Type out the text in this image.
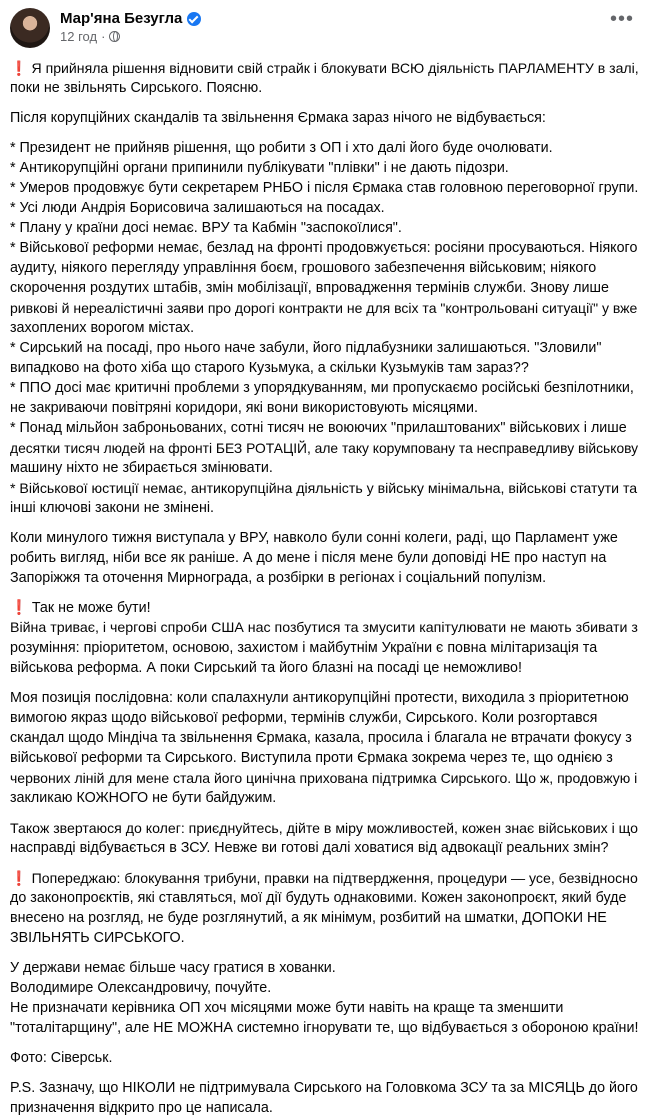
Мар'яна Безугла
12 год ·
•••

❗ Я прийняла рішення відновити свій страйк і блокувати ВСЮ діяльність ПАРЛАМЕНТУ в залі,
поки не звільнять Сирського. Поясню.

Після корупційних скандалів та звільнення Єрмака зараз нічого не відбувається:

* Президент не прийняв рішення, що робити з ОП і хто далі його буде очолювати.
* Антикорупційні органи припинили публікувати "плівки" і не дають підозри.
* Умеров продовжує бути секретарем РНБО і після Єрмака став головною переговорної групи.
* Усі люди Андрія Борисовича залишаються на посадах.
* Плану у країни досі немає. ВРУ та Кабмін "заспокоїлися".
* Військової реформи немає, безлад на фронті продовжується: росіяни просуваються. Ніякого
аудиту, ніякого перегляду управління боєм, грошового забезпечення військовим; ніякого
скорочення роздутих штабів, змін мобілізації, впровадження термінів служби. Знову лише
ривкові й нереалістичні заяви про дорогі контракти не для всіх та "контрольовані ситуації" у вже
захоплених ворогом містах.
* Сирський на посаді, про нього наче забули, його підлабузники залишаються. "Зловили"
випадково на фото хіба що старого Кузьмука, а скільки Кузьмуків там зараз??
* ППО досі має критичні проблеми з упорядкуванням, ми пропускаємо російські безпілотники,
не закриваючи повітряні коридори, які вони використовують місяцями.
* Понад мільйон заброньованих, сотні тисяч не воюючих "прилаштованих" військових і лише
десятки тисяч людей на фронті БЕЗ РОТАЦІЙ, але таку корумповану та несправедливу військову
машину ніхто не збирається змінювати.
* Військової юстиції немає, антикорупційна діяльність у війську мінімальна, військові статути та
інші ключові закони не змінені.

Коли минулого тижня виступала у ВРУ, навколо були сонні колеги, раді, що Парламент уже
робить вигляд, ніби все як раніше. А до мене і після мене були доповіді НЕ про наступ на
Запоріжжя та оточення Мирнограда, а розбірки в регіонах і соціальний популізм.

❗ Так не може бути!
Війна триває, і чергові спроби США нас позбутися та змусити капітулювати не мають збивати з
розуміння: пріоритетом, основою, захистом і майбутнім України є повна мілітаризація та
військова реформа. А поки Сирський та його блазні на посаді це неможливо!

Моя позиція послідовна: коли спалахнули антикорупційні протести, виходила з пріоритетною
вимогою якраз щодо військової реформи, термінів служби, Сирського. Коли розгортався
скандал щодо Міндіча та звільнення Єрмака, казала, просила і благала не втрачати фокусу з
військової реформи та Сирського. Виступила проти Єрмака зокрема через те, що однією з
червоних ліній для мене стала його цинічна прихована підтримка Сирського. Що ж, продовжую і
закликаю КОЖНОГО не бути байдужим.

Також звертаюся до колег: приєднуйтесь, дійте в міру можливостей, кожен знає військових і що
насправді відбувається в ЗСУ. Невже ви готові далі ховатися від адвокації реальних змін?

❗ Попереджаю: блокування трибуни, правки на підтвердження, процедури — усе, безвідносно
до законопроєктів, які ставляться, мої дії будуть однаковими. Кожен законопроєкт, який буде
внесено на розгляд, не буде розглянутий, а як мінімум, розбитий на шматки, ДОПОКИ НЕ
ЗВІЛЬНЯТЬ СИРСЬКОГО.

У держави немає більше часу гратися в хованки.
Володимире Олександровичу, почуйте.
Не призначати керівника ОП хоч місяцями може бути навіть на краще та зменшити
"тоталітарщину", але НЕ МОЖНА системно ігнорувати те, що відбувається з обороною країни!

Фото: Сіверськ.

P.S. Зазначу, що НІКОЛИ не підтримувала Сирського на Головкома ЗСУ та за МІСЯЦЬ до його
призначення відкрито про це написала.
